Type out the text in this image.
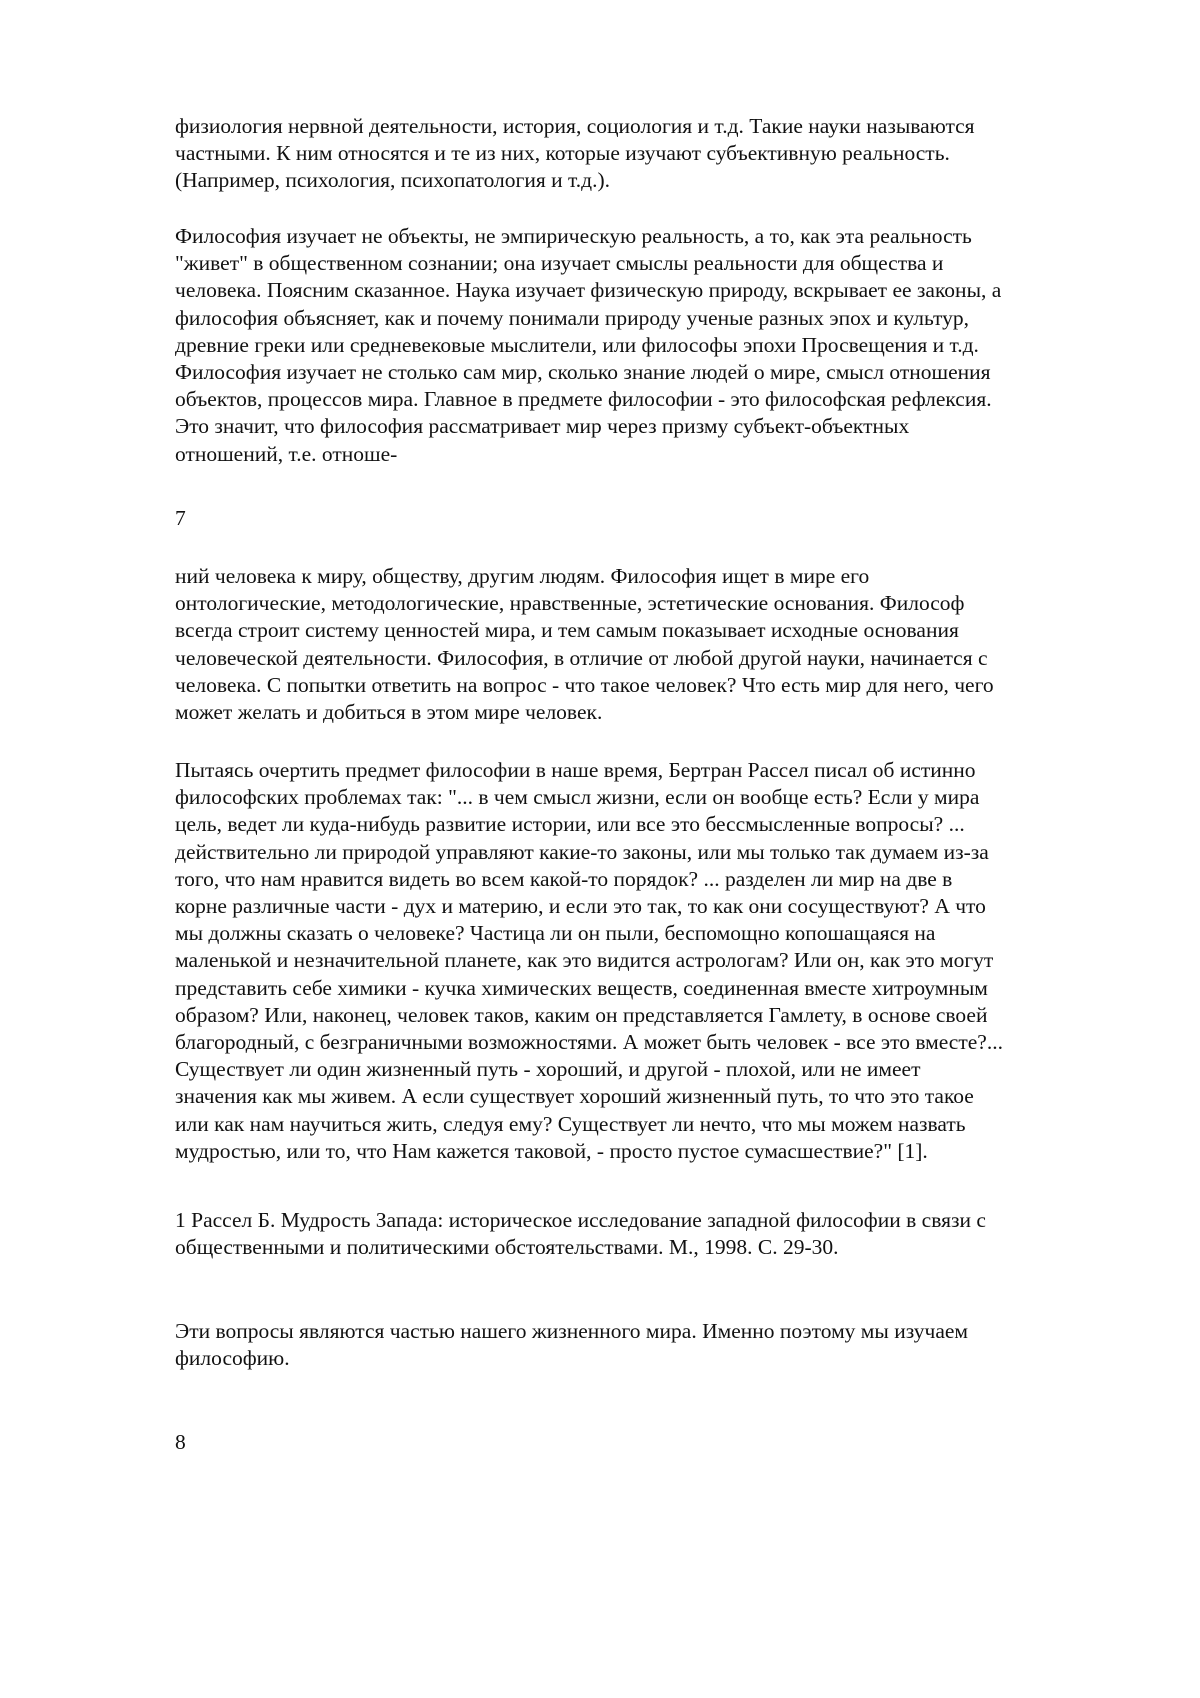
физиология нервной деятельности, история, социология и т.д. Такие науки называются
частными. К ним относятся и те из них, которые изучают субъективную реальность.
(Например, психология, психопатология и т.д.).
Философия изучает не объекты, не эмпирическую реальность, а то, как эта реальность
"живет" в общественном сознании; она изучает смыслы реальности для общества и
человека. Поясним сказанное. Наука изучает физическую природу, вскрывает ее законы, а
философия объясняет, как и почему понимали природу ученые разных эпох и культур,
древние греки или средневековые мыслители, или философы эпохи Просвещения и т.д.
Философия изучает не столько сам мир, сколько знание людей о мире, смысл отношения
объектов, процессов мира. Главное в предмете философии - это философская рефлексия.
Это значит, что философия рассматривает мир через призму субъект-объектных
отношений, т.е. отноше-
7
ний человека к миру, обществу, другим людям. Философия ищет в мире его
онтологические, методологические, нравственные, эстетические основания. Философ
всегда строит систему ценностей мира, и тем самым показывает исходные основания
человеческой деятельности. Философия, в отличие от любой другой науки, начинается с
человека. С попытки ответить на вопрос - что такое человек? Что есть мир для него, чего
может желать и добиться в этом мире человек.
Пытаясь очертить предмет философии в наше время, Бертран Рассел писал об истинно
философских проблемах так: "... в чем смысл жизни, если он вообще есть? Если у мира
цель, ведет ли куда-нибудь развитие истории, или все это бессмысленные вопросы? ...
действительно ли природой управляют какие-то законы, или мы только так думаем из-за
того, что нам нравится видеть во всем какой-то порядок? ... разделен ли мир на две в
корне различные части - дух и материю, и если это так, то как они сосуществуют? А что
мы должны сказать о человеке? Частица ли он пыли, беспомощно копошащаяся на
маленькой и незначительной планете, как это видится астрологам? Или он, как это могут
представить себе химики - кучка химических веществ, соединенная вместе хитроумным
образом? Или, наконец, человек таков, каким он представляется Гамлету, в основе своей
благородный, с безграничными возможностями. А может быть человек - все это вместе?...
Существует ли один жизненный путь - хороший, и другой - плохой, или не имеет
значения как мы живем. А если существует хороший жизненный путь, то что это такое
или как нам научиться жить, следуя ему? Существует ли нечто, что мы можем назвать
мудростью, или то, что Нам кажется таковой, - просто пустое сумасшествие?" [1].
1 Рассел Б. Мудрость Запада: историческое исследование западной философии в связи с
общественными и политическими обстоятельствами. М., 1998. С. 29-30.
Эти вопросы являются частью нашего жизненного мира. Именно поэтому мы изучаем
философию.
8
